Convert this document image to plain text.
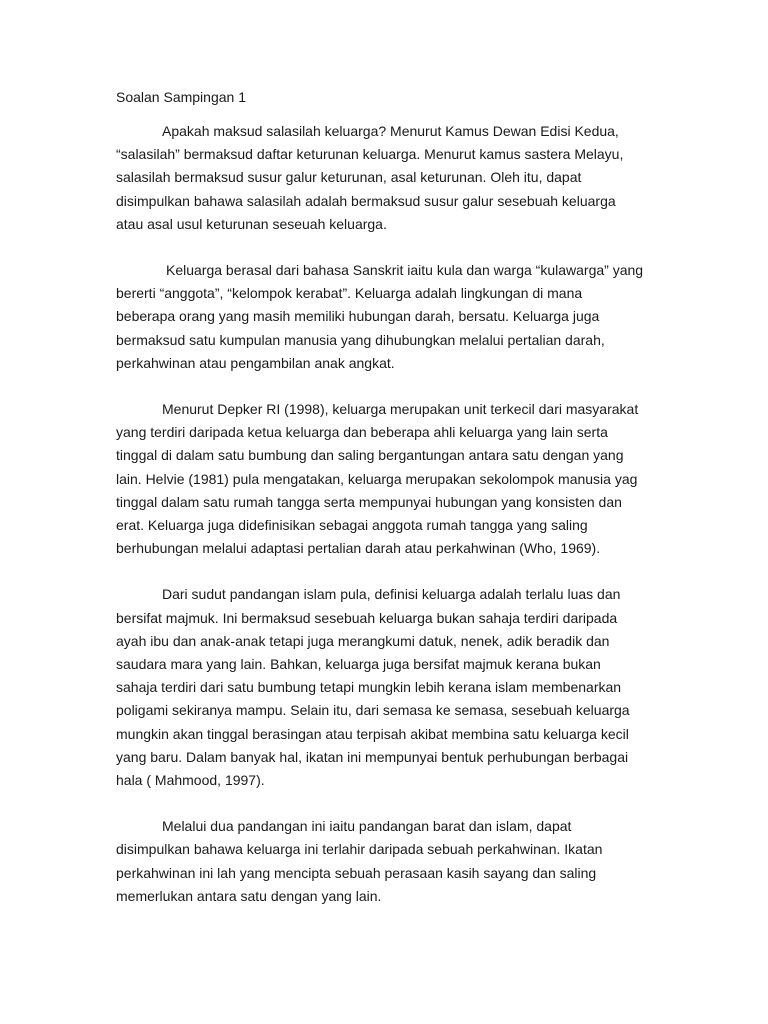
Soalan Sampingan 1

Apakah maksud salasilah keluarga? Menurut Kamus Dewan Edisi Kedua,
“salasilah” bermaksud daftar keturunan keluarga. Menurut kamus sastera Melayu,
salasilah bermaksud susur galur keturunan, asal keturunan. Oleh itu, dapat
disimpulkan bahawa salasilah adalah bermaksud susur galur sesebuah keluarga
atau asal usul keturunan seseuah keluarga.

Keluarga berasal dari bahasa Sanskrit iaitu kula dan warga “kulawarga” yang
bererti “anggota”, “kelompok kerabat”. Keluarga adalah lingkungan di mana
beberapa orang yang masih memiliki hubungan darah, bersatu. Keluarga juga
bermaksud satu kumpulan manusia yang dihubungkan melalui pertalian darah,
perkahwinan atau pengambilan anak angkat.

Menurut Depker RI (1998), keluarga merupakan unit terkecil dari masyarakat
yang terdiri daripada ketua keluarga dan beberapa ahli keluarga yang lain serta
tinggal di dalam satu bumbung dan saling bergantungan antara satu dengan yang
lain. Helvie (1981) pula mengatakan, keluarga merupakan sekolompok manusia yag
tinggal dalam satu rumah tangga serta mempunyai hubungan yang konsisten dan
erat. Keluarga juga didefinisikan sebagai anggota rumah tangga yang saling
berhubungan melalui adaptasi pertalian darah atau perkahwinan (Who, 1969).

Dari sudut pandangan islam pula, definisi keluarga adalah terlalu luas dan
bersifat majmuk. Ini bermaksud sesebuah keluarga bukan sahaja terdiri daripada
ayah ibu dan anak-anak tetapi juga merangkumi datuk, nenek, adik beradik dan
saudara mara yang lain. Bahkan, keluarga juga bersifat majmuk kerana bukan
sahaja terdiri dari satu bumbung tetapi mungkin lebih kerana islam membenarkan
poligami sekiranya mampu. Selain itu, dari semasa ke semasa, sesebuah keluarga
mungkin akan tinggal berasingan atau terpisah akibat membina satu keluarga kecil
yang baru. Dalam banyak hal, ikatan ini mempunyai bentuk perhubungan berbagai
hala ( Mahmood, 1997).

Melalui dua pandangan ini iaitu pandangan barat dan islam, dapat
disimpulkan bahawa keluarga ini terlahir daripada sebuah perkahwinan. Ikatan
perkahwinan ini lah yang mencipta sebuah perasaan kasih sayang dan saling
memerlukan antara satu dengan yang lain.
